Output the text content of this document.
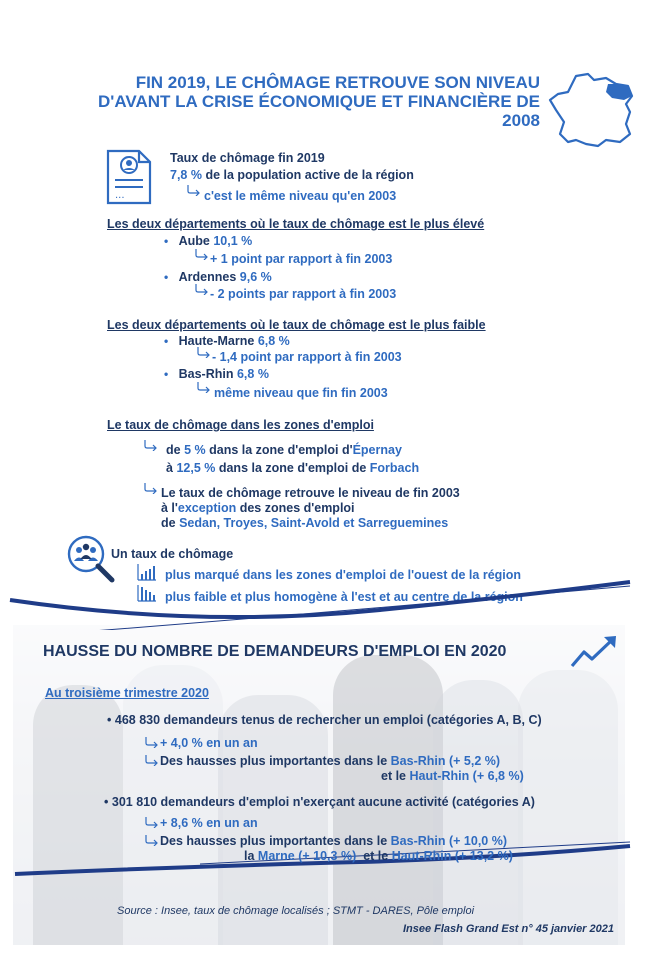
FIN 2019, LE CHÔMAGE RETROUVE SON NIVEAU
D'AVANT LA CRISE ÉCONOMIQUE ET FINANCIÈRE DE 2008
...
Taux de chômage fin 2019
7,8 % de la population active de la région
c'est le même niveau qu'en 2003
Les deux départements où le taux de chômage est le plus élevé
• Aube 10,1 %
+ 1 point par rapport à fin 2003
• Ardennes 9,6 %
- 2 points par rapport à fin 2003
Les deux départements où le taux de chômage est le plus faible
• Haute-Marne 6,8 %
- 1,4 point par rapport à fin 2003
• Bas-Rhin 6,8 %
même niveau que fin fin 2003
Le taux de chômage dans les zones d'emploi
de 5 % dans la zone d'emploi d'Épernay
à 12,5 % dans la zone d'emploi de Forbach
Le taux de chômage retrouve le niveau de fin 2003
à l'exception des zones d'emploi
de Sedan, Troyes, Saint-Avold et Sarreguemines
Un taux de chômage
plus marqué dans les zones d'emploi de l'ouest de la région
plus faible et plus homogène à l'est et au centre de la région
HAUSSE DU NOMBRE DE DEMANDEURS D'EMPLOI EN 2020
Au troisième trimestre 2020
• 468 830 demandeurs tenus de rechercher un emploi (catégories A, B, C)
+ 4,0 % en un an
Des hausses plus importantes dans le Bas-Rhin (+ 5,2 %)
et le Haut-Rhin (+ 6,8 %)
• 301 810 demandeurs d'emploi n'exerçant aucune activité (catégories A)
+ 8,6 % en un an
Des hausses plus importantes dans le Bas-Rhin (+ 10,0 %)
la Marne (+ 10,3 %) et le Haut-Rhin (+ 13,2 %)
Source : Insee, taux de chômage localisés ; STMT - DARES, Pôle emploi
Insee Flash Grand Est n° 45 janvier 2021
